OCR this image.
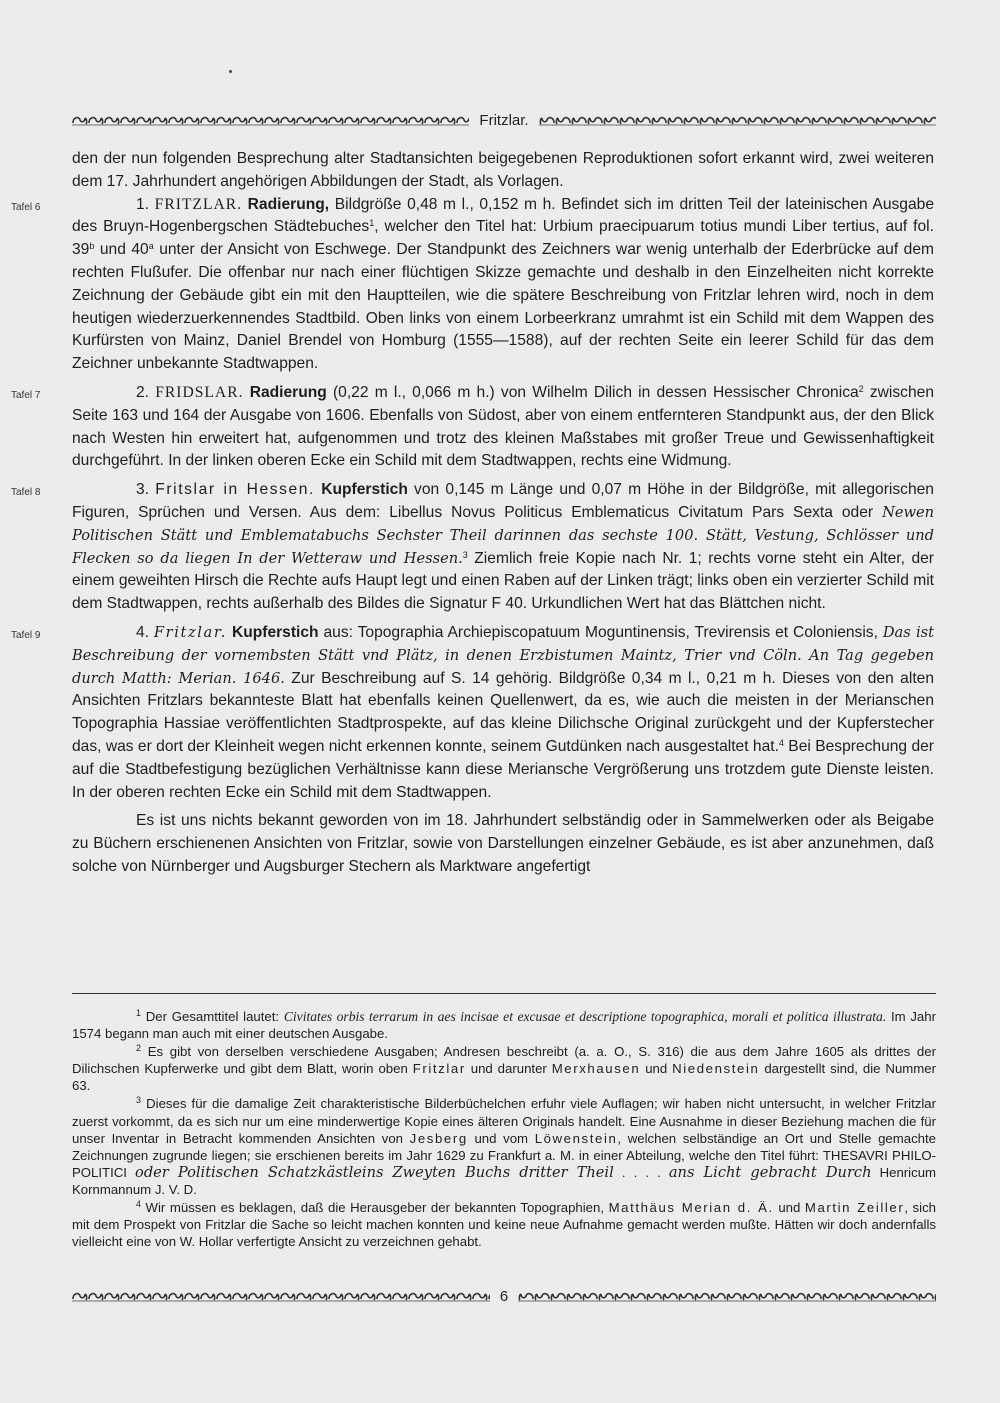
Fritzlar.

den der nun folgenden Besprechung alter Stadtansichten beigegebenen Reproduktionen sofort erkannt wird, zwei weiteren dem 17. Jahrhundert angehörigen Abbildungen der Stadt, als Vorlagen.

Tafel 6	1. FRITZLAR. Radierung, Bildgröße 0,48 m l., 0,152 m h. Befindet sich im dritten Teil der lateinischen Ausgabe des Bruyn-Hogenbergschen Städtebuches$^1$, welcher den Titel hat: Urbium praecipuarum totius mundi Liber tertius, auf fol. 39$^b$ und 40$^a$ unter der Ansicht von Eschwege. Der Standpunkt des Zeichners war wenig unterhalb der Ederbrücke auf dem rechten Flußufer. Die offenbar nur nach einer flüchtigen Skizze gemachte und deshalb in den Einzelheiten nicht korrekte Zeichnung der Gebäude gibt ein mit den Hauptteilen, wie die spätere Beschreibung von Fritzlar lehren wird, noch in dem heutigen wiederzuerkennendes Stadtbild. Oben links von einem Lorbeerkranz umrahmt ist ein Schild mit dem Wappen des Kurfürsten von Mainz, Daniel Brendel von Homburg (1555—1588), auf der rechten Seite ein leerer Schild für das dem Zeichner unbekannte Stadtwappen.

Tafel 7	2. FRIDSLAR. Radierung (0,22 m l., 0,066 m h.) von Wilhelm Dilich in dessen Hessischer Chronica$^2$ zwischen Seite 163 und 164 der Ausgabe von 1606. Ebenfalls von Südost, aber von einem entfernteren Standpunkt aus, der den Blick nach Westen hin erweitert hat, aufgenommen und trotz des kleinen Maßstabes mit großer Treue und Gewissenhaftigkeit durchgeführt. In der linken oberen Ecke ein Schild mit dem Stadtwappen, rechts eine Widmung.

Tafel 8	3. Fritslar in Hessen. Kupferstich von 0,145 m Länge und 0,07 m Höhe in der Bildgröße, mit allegorischen Figuren, Sprüchen und Versen. Aus dem: Libellus Novus Politicus Emblematicus Civitatum Pars Sexta oder Newen Politischen Stätt und Emblematabuchs Sechster Theil darinnen das sechste 100. Stätt, Vestung, Schlösser und Flecken so da liegen In der Wetteraw und Hessen.$^3$ Ziemlich freie Kopie nach Nr. 1; rechts vorne steht ein Alter, der einem geweihten Hirsch die Rechte aufs Haupt legt und einen Raben auf der Linken trägt; links oben ein verzierter Schild mit dem Stadtwappen, rechts außerhalb des Bildes die Signatur F 40. Urkundlichen Wert hat das Blättchen nicht.

Tafel 9	4. Fritzlar. Kupferstich aus: Topographia Archiepiscopatuum Moguntinensis, Trevirensis et Coloniensis, Das ist Beschreibung der vornembsten Stätt vnd Plätz, in denen Erzbistumen Maintz, Trier vnd Cöln. An Tag gegeben durch Matth: Merian. 1646. Zur Beschreibung auf S. 14 gehörig. Bildgröße 0,34 m l., 0,21 m h. Dieses von den alten Ansichten Fritzlars bekannteste Blatt hat ebenfalls keinen Quellenwert, da es, wie auch die meisten in der Merianschen Topographia Hassiae veröffentlichten Stadtprospekte, auf das kleine Dilichsche Original zurückgeht und der Kupferstecher das, was er dort der Kleinheit wegen nicht erkennen konnte, seinem Gutdünken nach ausgestaltet hat.$^4$ Bei Besprechung der auf die Stadtbefestigung bezüglichen Verhältnisse kann diese Meriansche Vergrößerung uns trotzdem gute Dienste leisten. In der oberen rechten Ecke ein Schild mit dem Stadtwappen.

Es ist uns nichts bekannt geworden von im 18. Jahrhundert selbständig oder in Sammelwerken oder als Beigabe zu Büchern erschienenen Ansichten von Fritzlar, sowie von Darstellungen einzelner Gebäude, es ist aber anzunehmen, daß solche von Nürnberger und Augsburger Stechern als Marktware angefertigt

$^1$ Der Gesamttitel lautet: Civitates orbis terrarum in aes incisae et excusae et descriptione topographica, morali et politica illustrata. Im Jahr 1574 begann man auch mit einer deutschen Ausgabe.

$^2$ Es gibt von derselben verschiedene Ausgaben; Andresen beschreibt (a. a. O., S. 316) die aus dem Jahre 1605 als drittes der Dilichschen Kupferwerke und gibt dem Blatt, worin oben Fritzlar und darunter Merxhausen und Niedenstein dargestellt sind, die Nummer 63.

$^3$ Dieses für die damalige Zeit charakteristische Bilderbüchelchen erfuhr viele Auflagen; wir haben nicht untersucht, in welcher Fritzlar zuerst vorkommt, da es sich nur um eine minderwertige Kopie eines älteren Originals handelt. Eine Ausnahme in dieser Beziehung machen die für unser Inventar in Betracht kommenden Ansichten von Jesberg und vom Löwenstein, welchen selbständige an Ort und Stelle gemachte Zeichnungen zugrunde liegen; sie erschienen bereits im Jahr 1629 zu Frankfurt a. M. in einer Abteilung, welche den Titel führt: THESAVRI PHILO-POLITICI oder Politischen Schatzkästleins Zweyten Buchs dritter Theil . . . . ans Licht gebracht Durch Henricum Kornmannum J. V. D.

$^4$ Wir müssen es beklagen, daß die Herausgeber der bekannten Topographien, Matthäus Merian d. Ä. und Martin Zeiller, sich mit dem Prospekt von Fritzlar die Sache so leicht machen konnten und keine neue Aufnahme gemacht werden mußte. Hätten wir doch andernfalls vielleicht eine von W. Hollar verfertigte Ansicht zu verzeichnen gehabt.

6
